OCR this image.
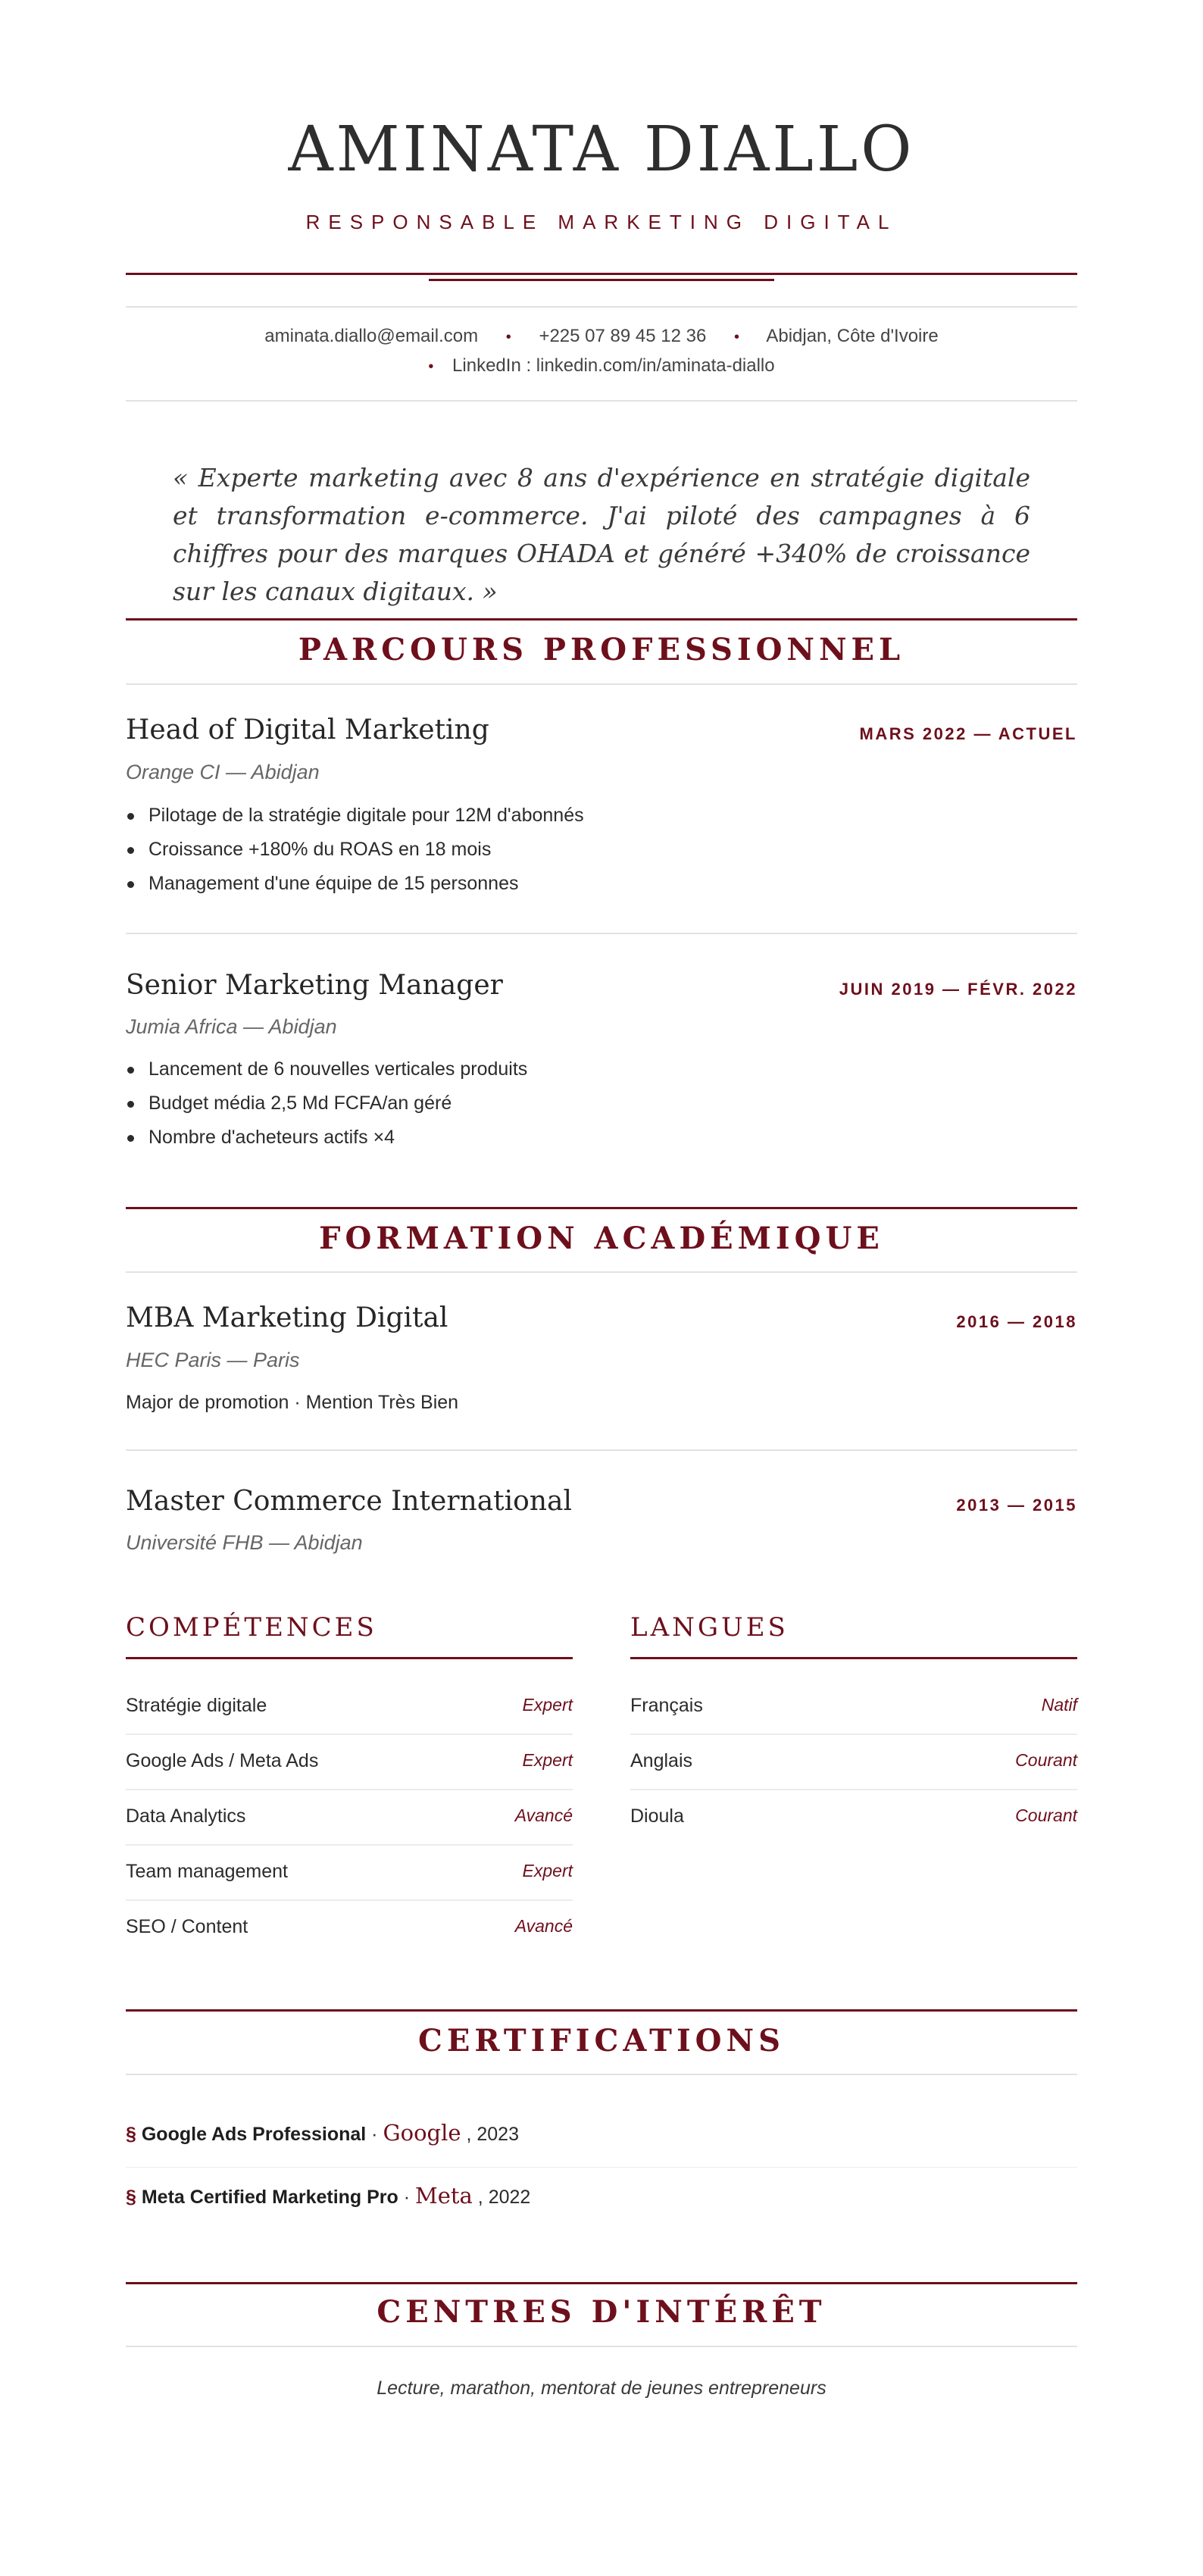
AMINATA DIALLO
RESPONSABLE MARKETING DIGITAL
aminata.diallo@email.com • +225 07 89 45 12 36 • Abidjan, Côte d'Ivoire
• LinkedIn : linkedin.com/in/aminata-diallo

« Experte marketing avec 8 ans d'expérience en stratégie digitale et transformation e-commerce. J'ai piloté des campagnes à 6 chiffres pour des marques OHADA et généré +340% de croissance sur les canaux digitaux. »

PARCOURS PROFESSIONNEL
Head of Digital Marketing	MARS 2022 — ACTUEL
Orange CI — Abidjan
Pilotage de la stratégie digitale pour 12M d'abonnés
Croissance +180% du ROAS en 18 mois
Management d'une équipe de 15 personnes
Senior Marketing Manager	JUIN 2019 — FÉVR. 2022
Jumia Africa — Abidjan
Lancement de 6 nouvelles verticales produits
Budget média 2,5 Md FCFA/an géré
Nombre d'acheteurs actifs ×4
FORMATION ACADÉMIQUE
MBA Marketing Digital	2016 — 2018
HEC Paris — Paris
Major de promotion · Mention Très Bien
Master Commerce International	2013 — 2015
Université FHB — Abidjan
COMPÉTENCES
Stratégie digitale	Expert
Google Ads / Meta Ads	Expert
Data Analytics	Avancé
Team management	Expert
SEO / Content	Avancé
LANGUES
Français	Natif
Anglais	Courant
Dioula	Courant
CERTIFICATIONS
§ Google Ads Professional · Google , 2023
§ Meta Certified Marketing Pro · Meta , 2022
CENTRES D'INTÉRÊT
Lecture, marathon, mentorat de jeunes entrepreneurs
